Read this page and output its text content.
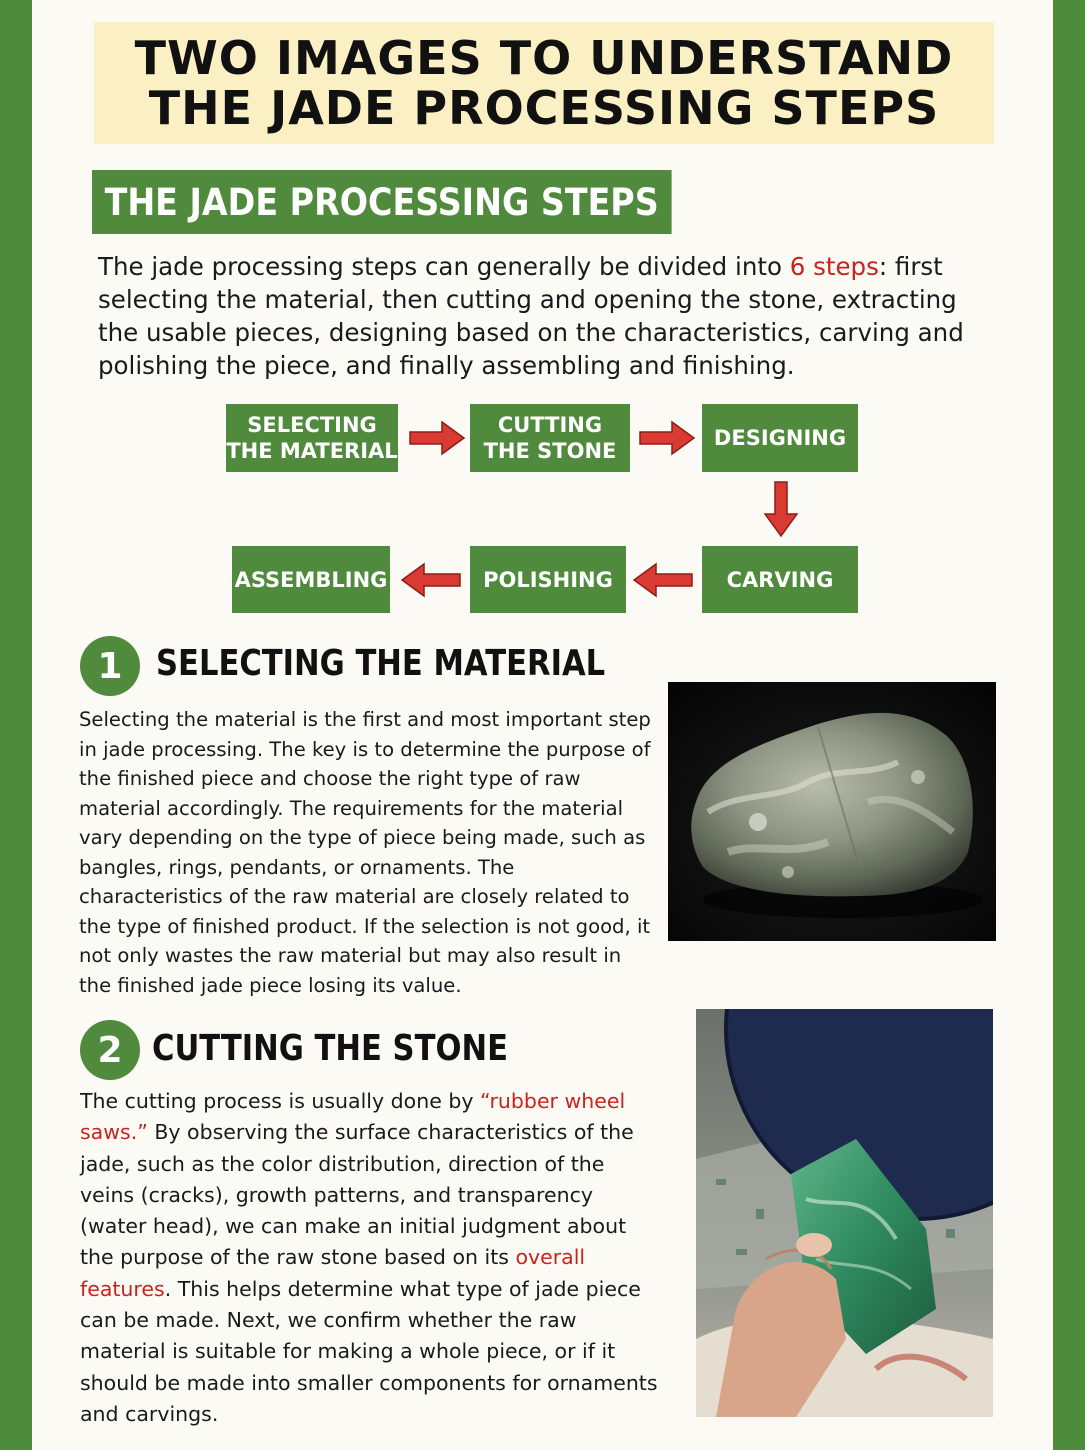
TWO IMAGES TO UNDERSTAND
THE JADE PROCESSING STEPS
THE JADE PROCESSING STEPS
The jade processing steps can generally be divided into 6 steps: first selecting the material, then cutting and opening the stone, extracting the usable pieces, designing based on the characteristics, carving and polishing the piece, and finally assembling and finishing.
SELECTING
THE MATERIAL
CUTTING
THE STONE
DESIGNING
CARVING
POLISHING
ASSEMBLING
1 SELECTING THE MATERIAL
Selecting the material is the first and most important step in jade processing. The key is to determine the purpose of the finished piece and choose the right type of raw material accordingly. The requirements for the material vary depending on the type of piece being made, such as bangles, rings, pendants, or ornaments. The characteristics of the raw material are closely related to the type of finished product. If the selection is not good, it not only wastes the raw material but may also result in the finished jade piece losing its value.
2 CUTTING THE STONE
The cutting process is usually done by “rubber wheel saws.” By observing the surface characteristics of the jade, such as the color distribution, direction of the veins (cracks), growth patterns, and transparency (water head), we can make an initial judgment about the purpose of the raw stone based on its overall features. This helps determine what type of jade piece can be made. Next, we confirm whether the raw material is suitable for making a whole piece, or if it should be made into smaller components for ornaments and carvings.
